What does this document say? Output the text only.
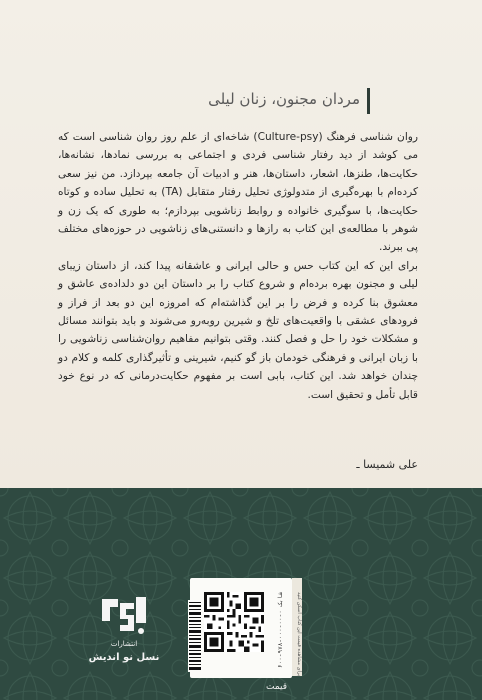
مردان مجنون، زنان لیلی

روان شناسی فرهنگ (Culture-psy) شاخه‌ای از علم روز روان شناسی است که می کوشد از دید رفتار شناسی فردی و اجتماعی به بررسی نمادها، نشانه‌ها، حکایت‌ها، طنزها، اشعار، داستان‌ها، هنر و ادبیات آن جامعه بپردازد. من نیز سعی کرده‌ام با بهره‌گیری از متدولوژی تحلیل رفتار متقابل (TA) به تحلیل ساده و کوتاه حکایت‌ها، با سوگیری خانواده و روابط زناشویی بپردازم؛ به طوری که یک زن و شوهر با مطالعه‌ی این کتاب به رازها و دانستنی‌های زناشویی در حوزه‌های مختلف پی ببرند.

برای این که این کتاب حس و حالی ایرانی و عاشقانه پیدا کند، از داستان زیبای لیلی و مجنون بهره برده‌ام و شروع کتاب را بر داستان این دو دلداده‌ی عاشق و معشوق بنا کرده و فرض را بر این گذاشته‌ام که امروزه این دو بعد از فراز و فرودهای عشقی با واقعیت‌های تلخ و شیرین روبه‌رو می‌شوند و باید بتوانند مسائل و مشکلات خود را حل و فصل کنند. وقتی بتوانیم مفاهیم روان‌شناسی زناشویی را با زبان ایرانی و فرهنگی خودمان باز گو کنیم، شیرینی و تأثیرگذاری کلمه و کلام دو چندان خواهد شد. این کتاب، بابی است بر مفهوم حکایت‌درمانی که در نوع خود قابل تأمل و تحقیق است.

علی شمیسا ـ
انتشارات
نسل نو اندیش	شابک ۰-۰۰-۰۰۰-۹۷۸-۶۰۰	برای مشاهده قیمت این کتاب اسکن کنید
قیمت
